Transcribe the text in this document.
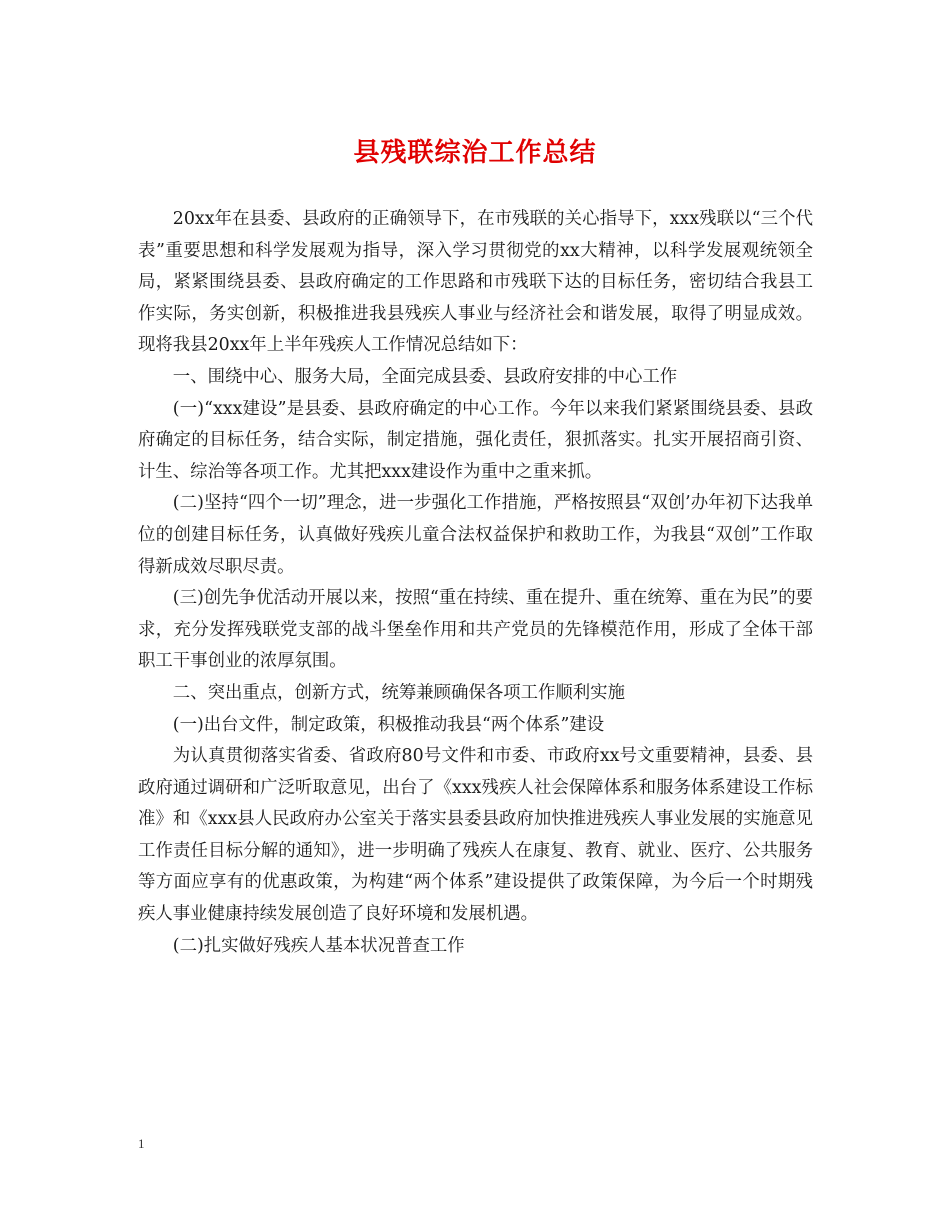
县残联综治工作总结

20xx年在县委、县政府的正确领导下，在市残联的关心指导下，xxx残联以“三个代表”重要思想和科学发展观为指导，深入学习贯彻党的xx大精神，以科学发展观统领全局，紧紧围绕县委、县政府确定的工作思路和市残联下达的目标任务，密切结合我县工作实际，务实创新，积极推进我县残疾人事业与经济社会和谐发展，取得了明显成效。现将我县20xx年上半年残疾人工作情况总结如下：

一、围绕中心、服务大局，全面完成县委、县政府安排的中心工作

(一)“xxx建设”是县委、县政府确定的中心工作。今年以来我们紧紧围绕县委、县政府确定的目标任务，结合实际，制定措施，强化责任，狠抓落实。扎实开展招商引资、计生、综治等各项工作。尤其把xxx建设作为重中之重来抓。

(二)坚持“四个一切”理念，进一步强化工作措施，严格按照县“双创’办年初下达我单位的创建目标任务，认真做好残疾儿童合法权益保护和救助工作，为我县“双创”工作取得新成效尽职尽责。

(三)创先争优活动开展以来，按照“重在持续、重在提升、重在统筹、重在为民”的要求，充分发挥残联党支部的战斗堡垒作用和共产党员的先锋模范作用，形成了全体干部职工干事创业的浓厚氛围。

二、突出重点，创新方式，统筹兼顾确保各项工作顺利实施

(一)出台文件，制定政策，积极推动我县“两个体系”建设

为认真贯彻落实省委、省政府80号文件和市委、市政府xx号文重要精神，县委、县政府通过调研和广泛听取意见，出台了《xxx残疾人社会保障体系和服务体系建设工作标准》和《xxx县人民政府办公室关于落实县委县政府加快推进残疾人事业发展的实施意见工作责任目标分解的通知》，进一步明确了残疾人在康复、教育、就业、医疗、公共服务等方面应享有的优惠政策，为构建“两个体系”建设提供了政策保障，为今后一个时期残疾人事业健康持续发展创造了良好环境和发展机遇。

(二)扎实做好残疾人基本状况普查工作

1
